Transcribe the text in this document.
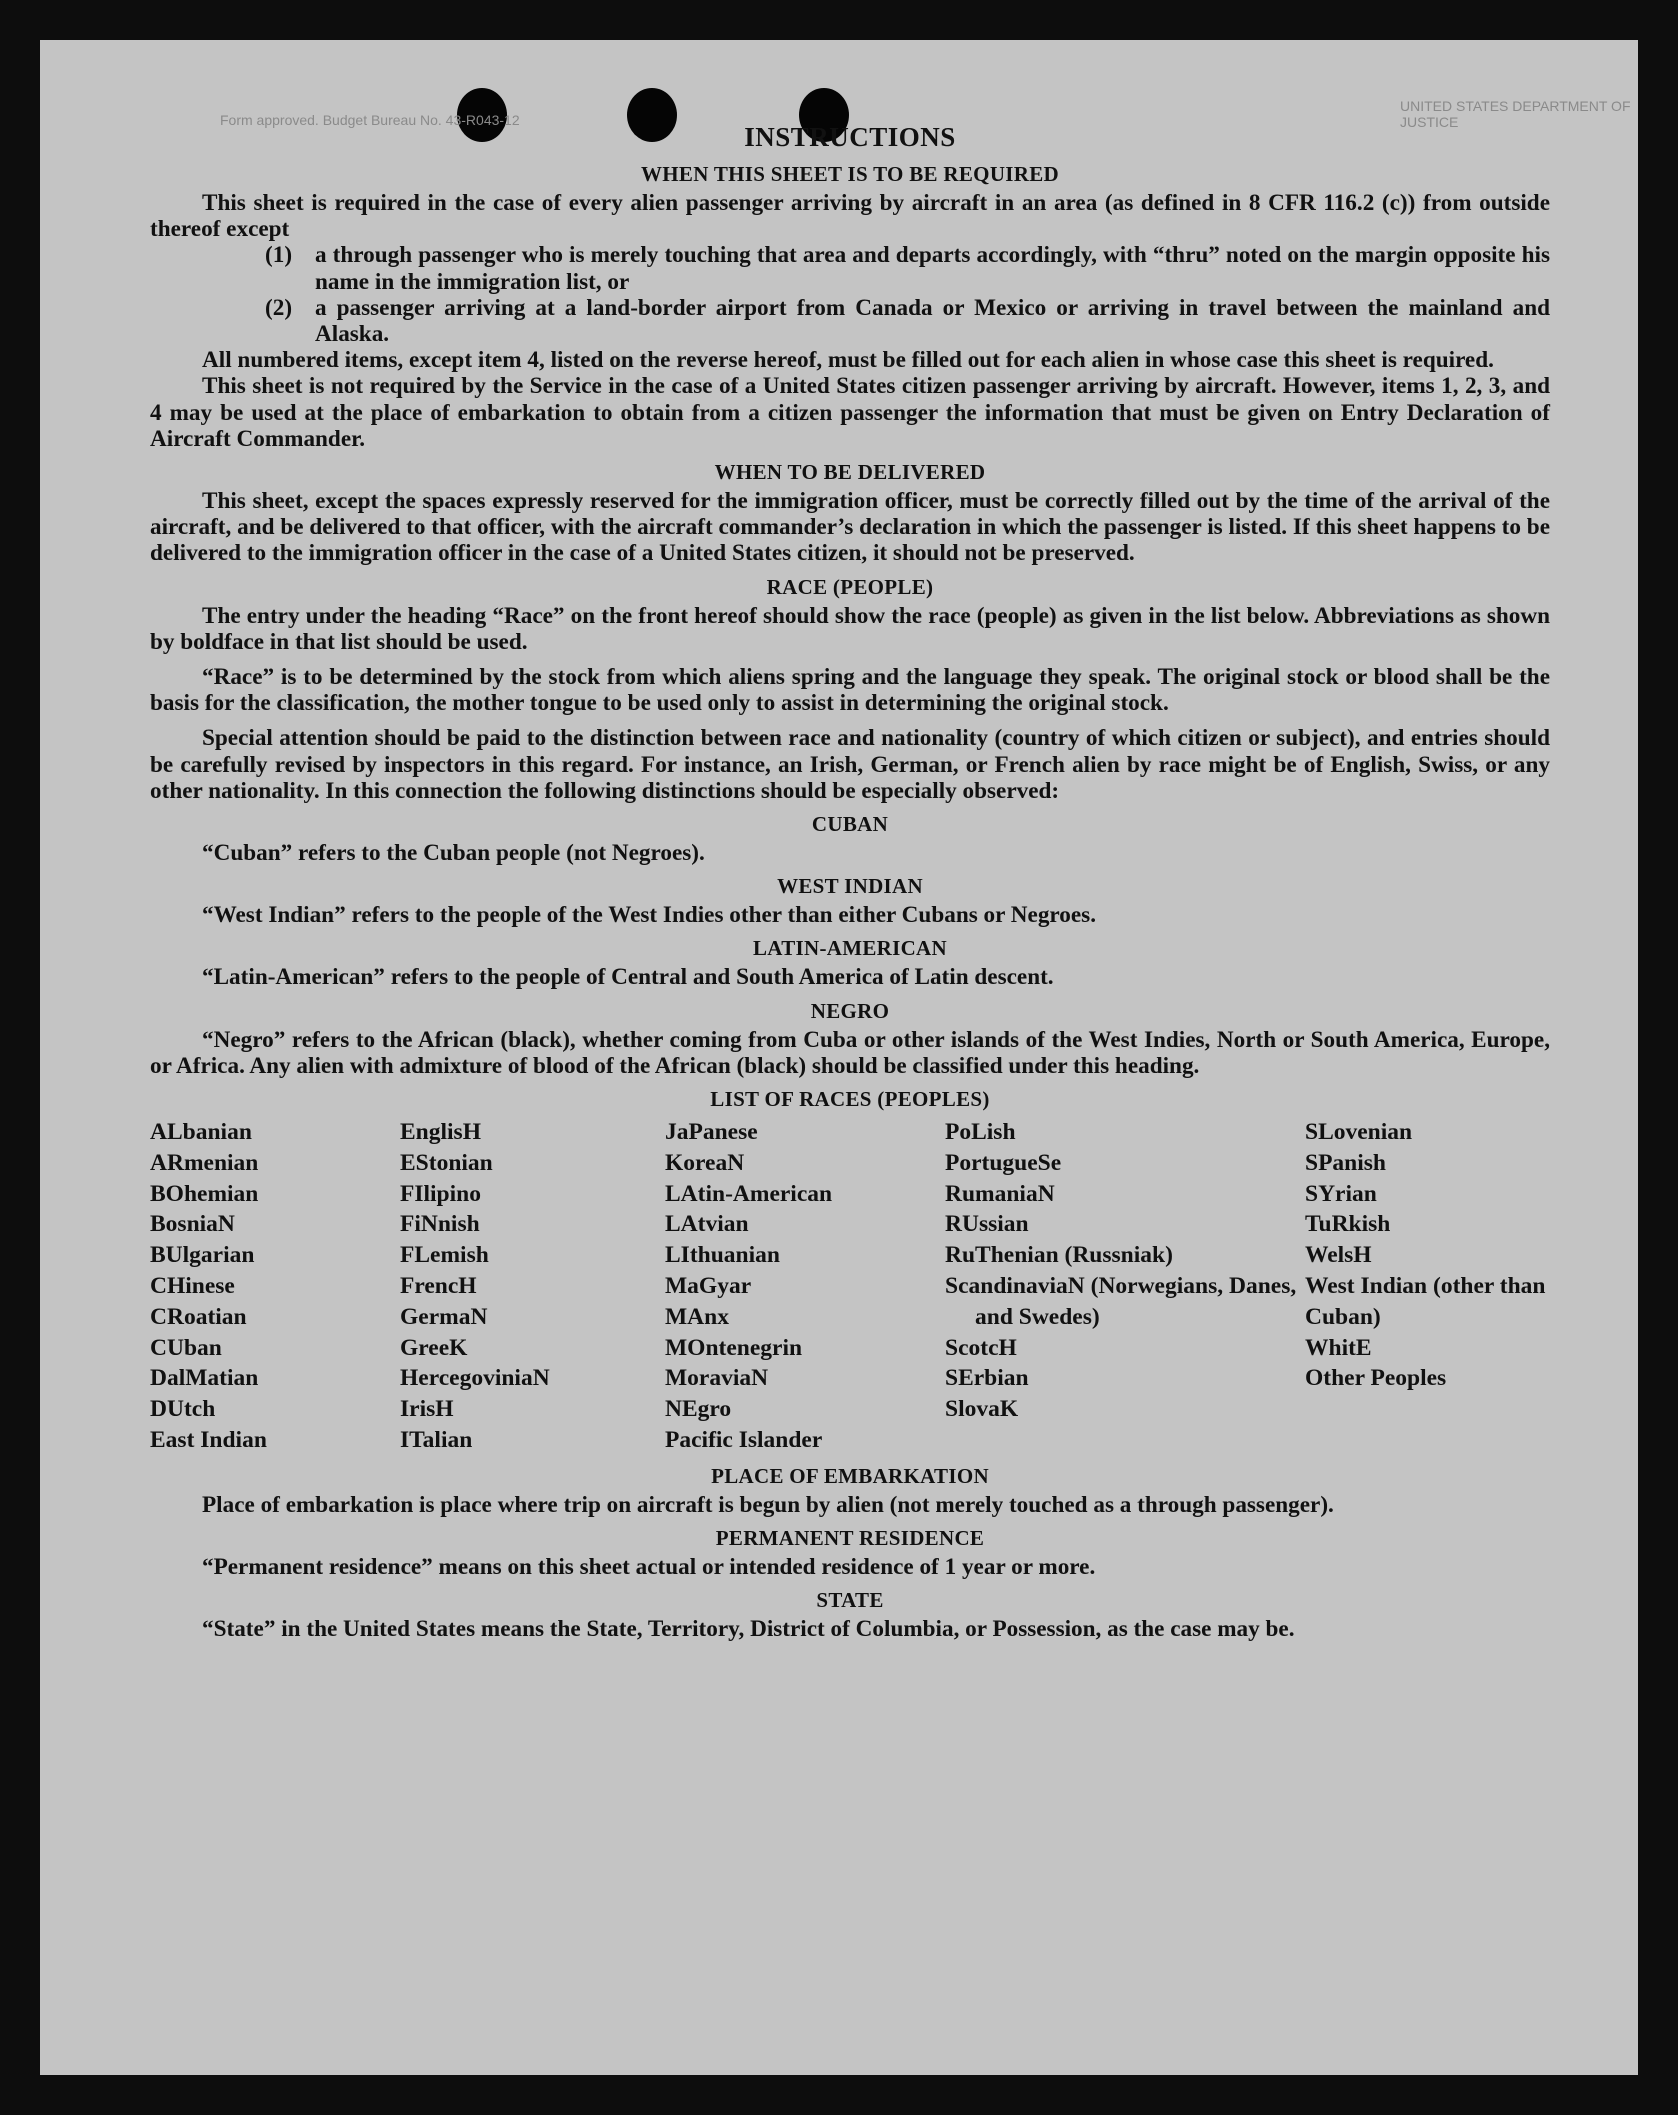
Form approved. Budget Bureau No. 43-R043-12
UNITED STATES DEPARTMENT OF JUSTICE
INSTRUCTIONS
WHEN THIS SHEET IS TO BE REQUIRED

This sheet is required in the case of every alien passenger arriving by aircraft in an area (as defined in 8 CFR 116.2 (c)) from outside thereof except

(1) a through passenger who is merely touching that area and departs accordingly, with “thru” noted on the margin opposite his name in the immigration list, or
(2) a passenger arriving at a land-border airport from Canada or Mexico or arriving in travel between the mainland and Alaska.

All numbered items, except item 4, listed on the reverse hereof, must be filled out for each alien in whose case this sheet is required.

This sheet is not required by the Service in the case of a United States citizen passenger arriving by aircraft. However, items 1, 2, 3, and 4 may be used at the place of embarkation to obtain from a citizen passenger the information that must be given on Entry Declaration of Aircraft Commander.

WHEN TO BE DELIVERED

This sheet, except the spaces expressly reserved for the immigration officer, must be correctly filled out by the time of the arrival of the aircraft, and be delivered to that officer, with the aircraft commander’s declaration in which the passenger is listed. If this sheet happens to be delivered to the immigration officer in the case of a United States citizen, it should not be preserved.

RACE (PEOPLE)

The entry under the heading “Race” on the front hereof should show the race (people) as given in the list below. Abbreviations as shown by boldface in that list should be used.

“Race” is to be determined by the stock from which aliens spring and the language they speak. The original stock or blood shall be the basis for the classification, the mother tongue to be used only to assist in determining the original stock.

Special attention should be paid to the distinction between race and nationality (country of which citizen or subject), and entries should be carefully revised by inspectors in this regard. For instance, an Irish, German, or French alien by race might be of English, Swiss, or any other nationality. In this connection the following distinctions should be especially observed:

CUBAN

“Cuban” refers to the Cuban people (not Negroes).

WEST INDIAN

“West Indian” refers to the people of the West Indies other than either Cubans or Negroes.

LATIN-AMERICAN

“Latin-American” refers to the people of Central and South America of Latin descent.

NEGRO

“Negro” refers to the African (black), whether coming from Cuba or other islands of the West Indies, North or South America, Europe, or Africa. Any alien with admixture of blood of the African (black) should be classified under this heading.

LIST OF RACES (PEOPLES)
ALbanian
ARmenian
BOhemian
BosniaN
BUlgarian
CHinese
CRoatian
CUban
DalMatian
DUtch
East Indian
EnglisH
EStonian
FIlipino
FiNnish
FLemish
FrencH
GermaN
GreeK
HercegoviniaN
IrisH
ITalian
JaPanese
KoreaN
LAtin-American
LAtvian
LIthuanian
MaGyar
MAnx
MOntenegrin
MoraviaN
NEgro
Pacific Islander
PoLish
PortugueSe
RumaniaN
RUssian
RuThenian (Russniak)
ScandinaviaN (Norwegians, Danes, and Swedes)
ScotcH
SErbian
SlovaK
SLovenian
SPanish
SYrian
TuRkish
WelsH
West Indian (other than Cuban)
WhitE
Other Peoples
PLACE OF EMBARKATION

Place of embarkation is place where trip on aircraft is begun by alien (not merely touched as a through passenger).

PERMANENT RESIDENCE

“Permanent residence” means on this sheet actual or intended residence of 1 year or more.

STATE

“State” in the United States means the State, Territory, District of Columbia, or Possession, as the case may be.
